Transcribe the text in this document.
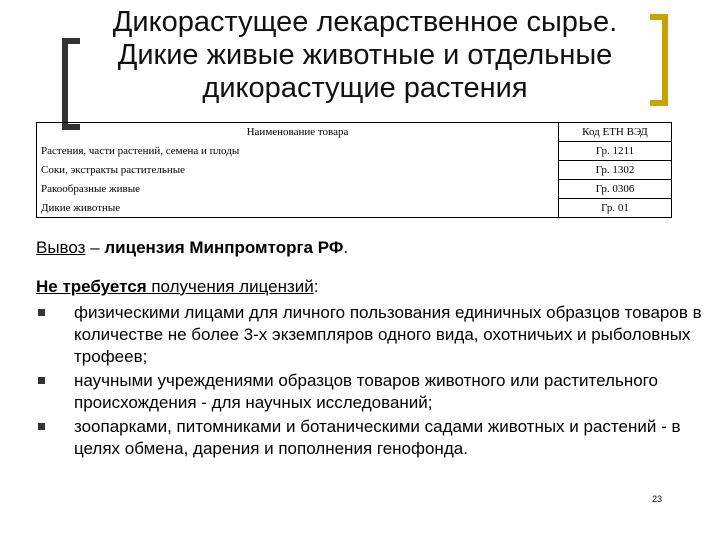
Дикорастущее лекарственное сырье.
Дикие живые животные и отдельные
дикорастущие растения
Наименование товара	Код ЕТН ВЭД
Растения, части растений, семена и плоды	Гр. 1211
Соки, экстракты растительные	Гр. 1302
Ракообразные живые	Гр. 0306
Дикие животные	Гр. 01
Вывоз – лицензия Минпромторга РФ.
Не требуется получения лицензий:
физическими лицами для личного пользования единичных образцов товаров в количестве не более 3-х экземпляров одного вида, охотничьих и рыболовных трофеев;
научными учреждениями образцов товаров животного или растительного происхождения - для научных исследований;
зоопарками, питомниками и ботаническими садами животных и растений - в целях обмена, дарения и пополнения генофонда.
23
